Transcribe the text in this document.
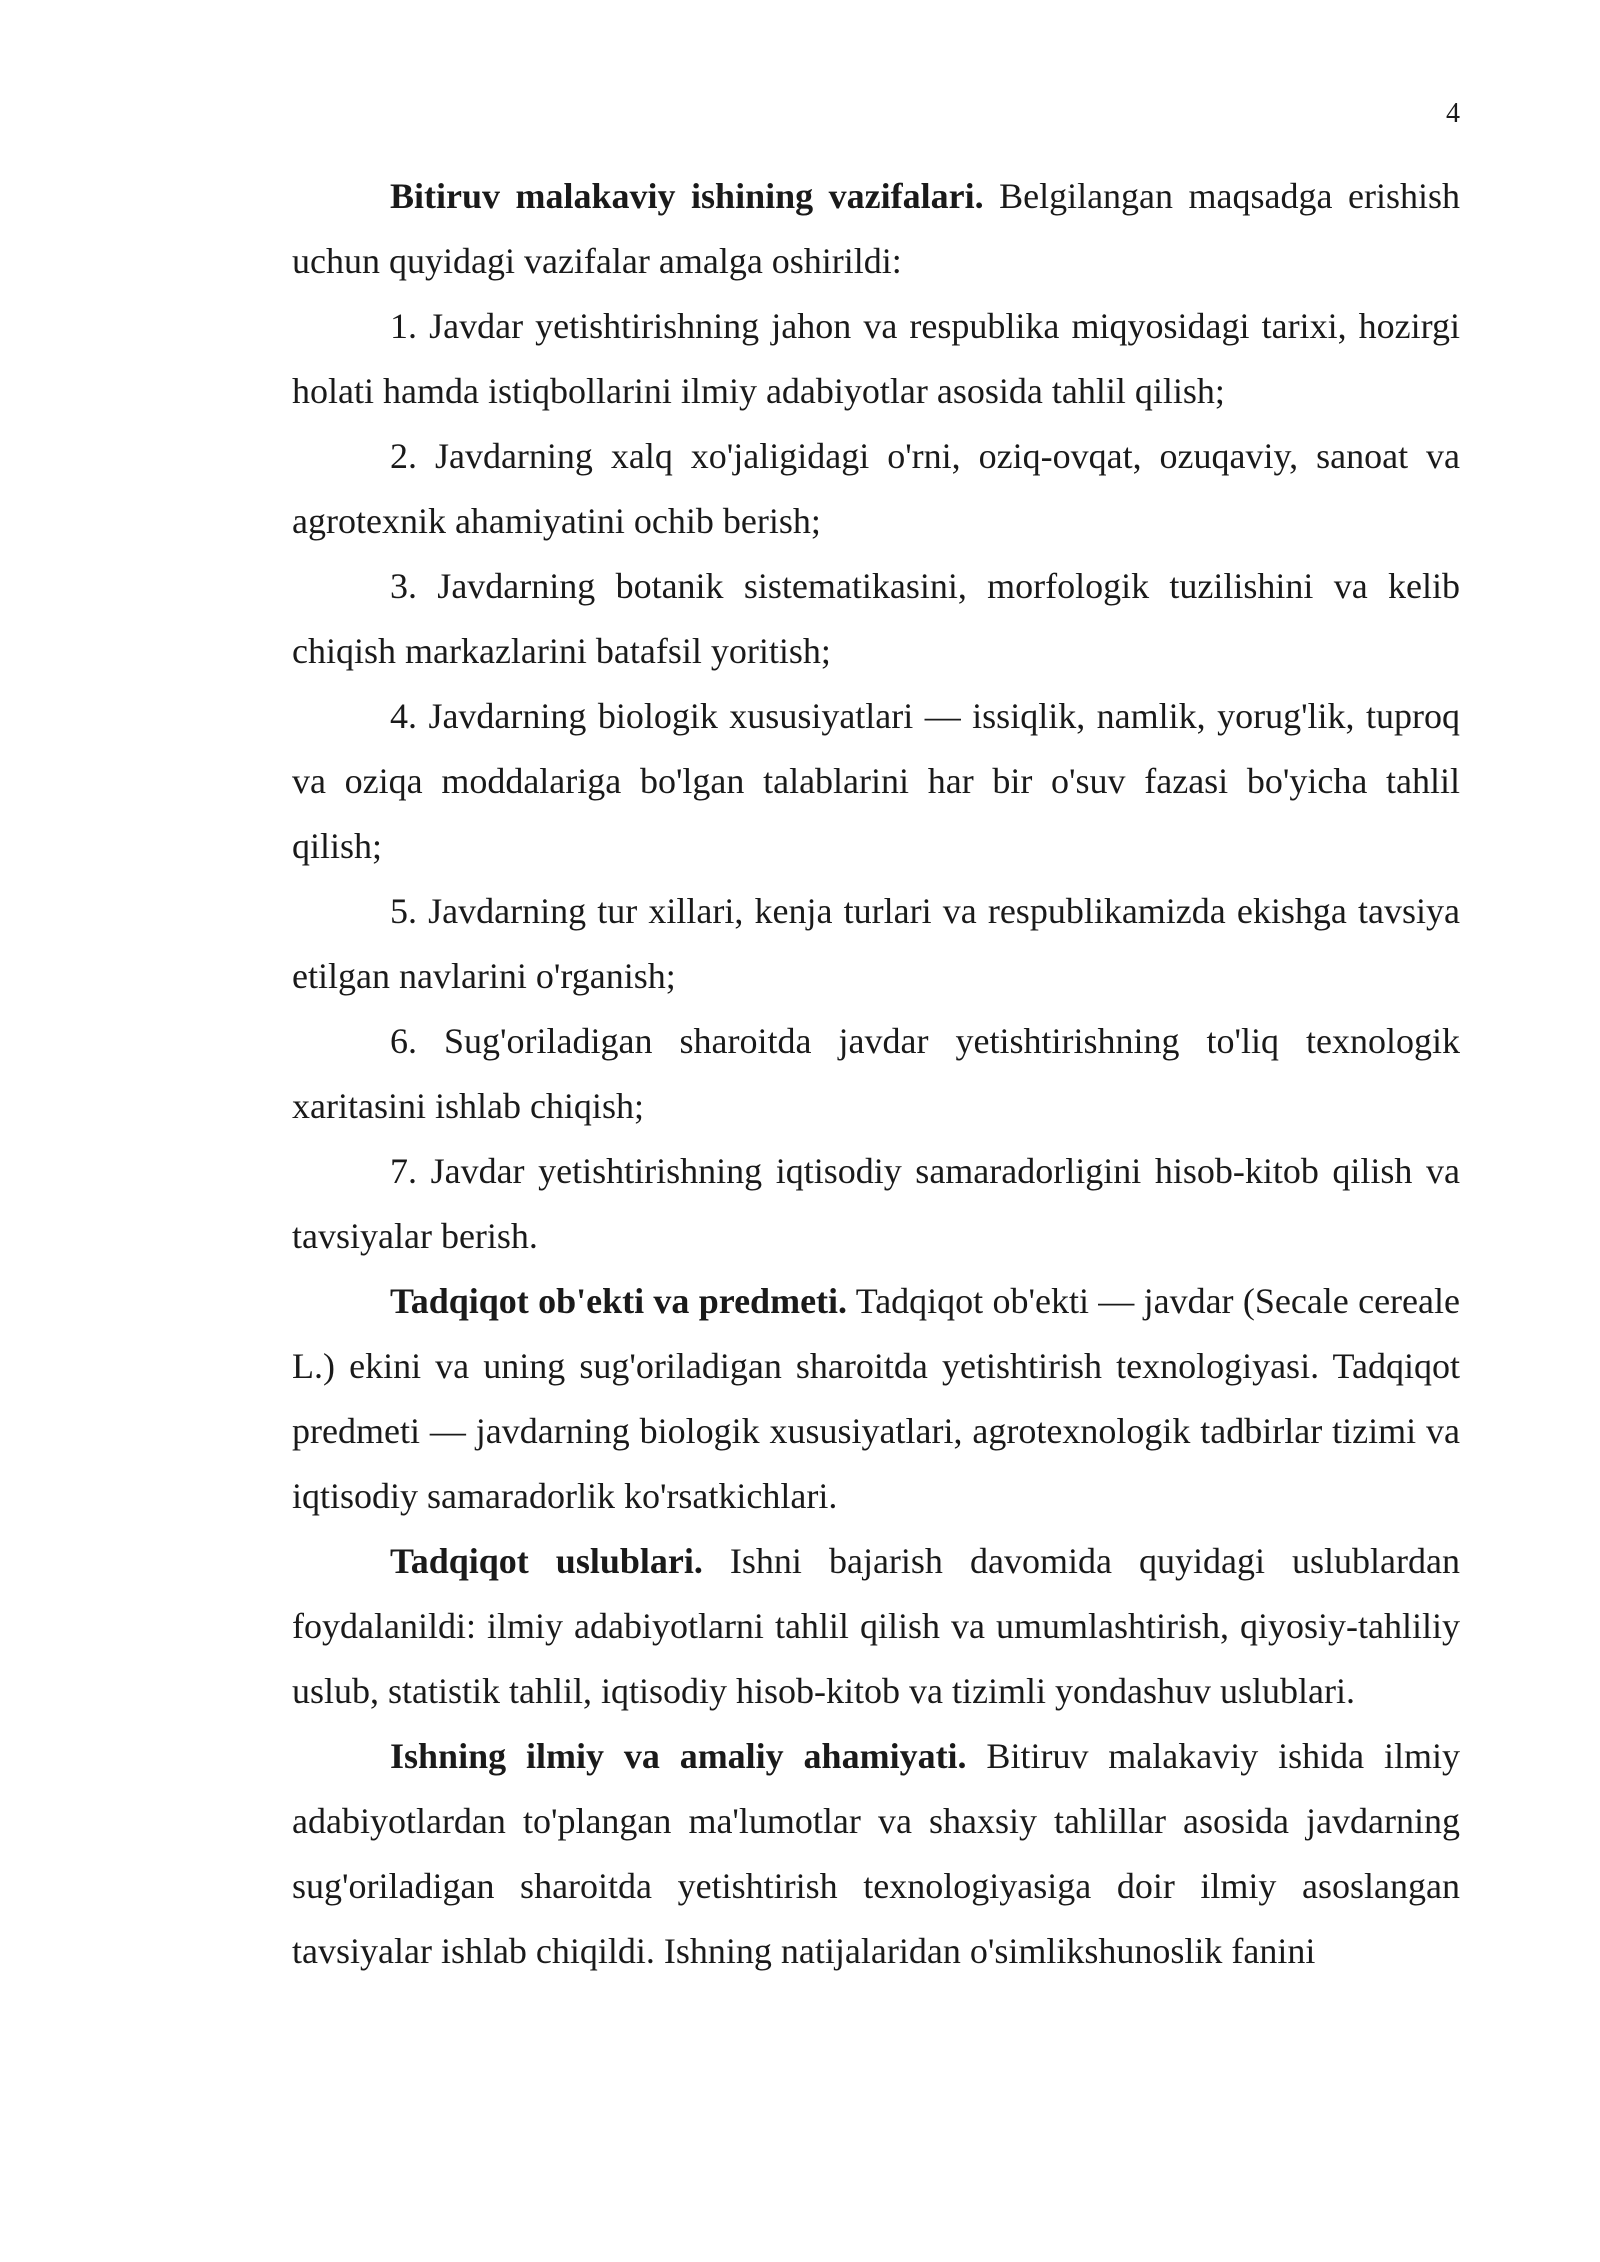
4

Bitiruv malakaviy ishining vazifalari. Belgilangan maqsadga erishish uchun quyidagi vazifalar amalga oshirildi:

1. Javdar yetishtirishning jahon va respublika miqyosidagi tarixi, hozirgi holati hamda istiqbollarini ilmiy adabiyotlar asosida tahlil qilish;

2. Javdarning xalq xo'jaligidagi o'rni, oziq-ovqat, ozuqaviy, sanoat va agrotexnik ahamiyatini ochib berish;

3. Javdarning botanik sistematikasini, morfologik tuzilishini va kelib chiqish markazlarini batafsil yoritish;

4. Javdarning biologik xususiyatlari — issiqlik, namlik, yorug'lik, tuproq va oziqa moddalariga bo'lgan talablarini har bir o'suv fazasi bo'yicha tahlil qilish;

5. Javdarning tur xillari, kenja turlari va respublikamizda ekishga tavsiya etilgan navlarini o'rganish;

6. Sug'oriladigan sharoitda javdar yetishtirishning to'liq texnologik xaritasini ishlab chiqish;

7. Javdar yetishtirishning iqtisodiy samaradorligini hisob-kitob qilish va tavsiyalar berish.

Tadqiqot ob'ekti va predmeti. Tadqiqot ob'ekti — javdar (Secale cereale L.) ekini va uning sug'oriladigan sharoitda yetishtirish texnologiyasi. Tadqiqot predmeti — javdarning biologik xususiyatlari, agrotexnologik tadbirlar tizimi va iqtisodiy samaradorlik ko'rsatkichlari.

Tadqiqot uslublari. Ishni bajarish davomida quyidagi uslublardan foydalanildi: ilmiy adabiyotlarni tahlil qilish va umumlashtirish, qiyosiy-tahliliy uslub, statistik tahlil, iqtisodiy hisob-kitob va tizimli yondashuv uslublari.

Ishning ilmiy va amaliy ahamiyati. Bitiruv malakaviy ishida ilmiy adabiyotlardan to'plangan ma'lumotlar va shaxsiy tahlillar asosida javdarning sug'oriladigan sharoitda yetishtirish texnologiyasiga doir ilmiy asoslangan tavsiyalar ishlab chiqildi. Ishning natijalaridan o'simlikshunoslik fanini
